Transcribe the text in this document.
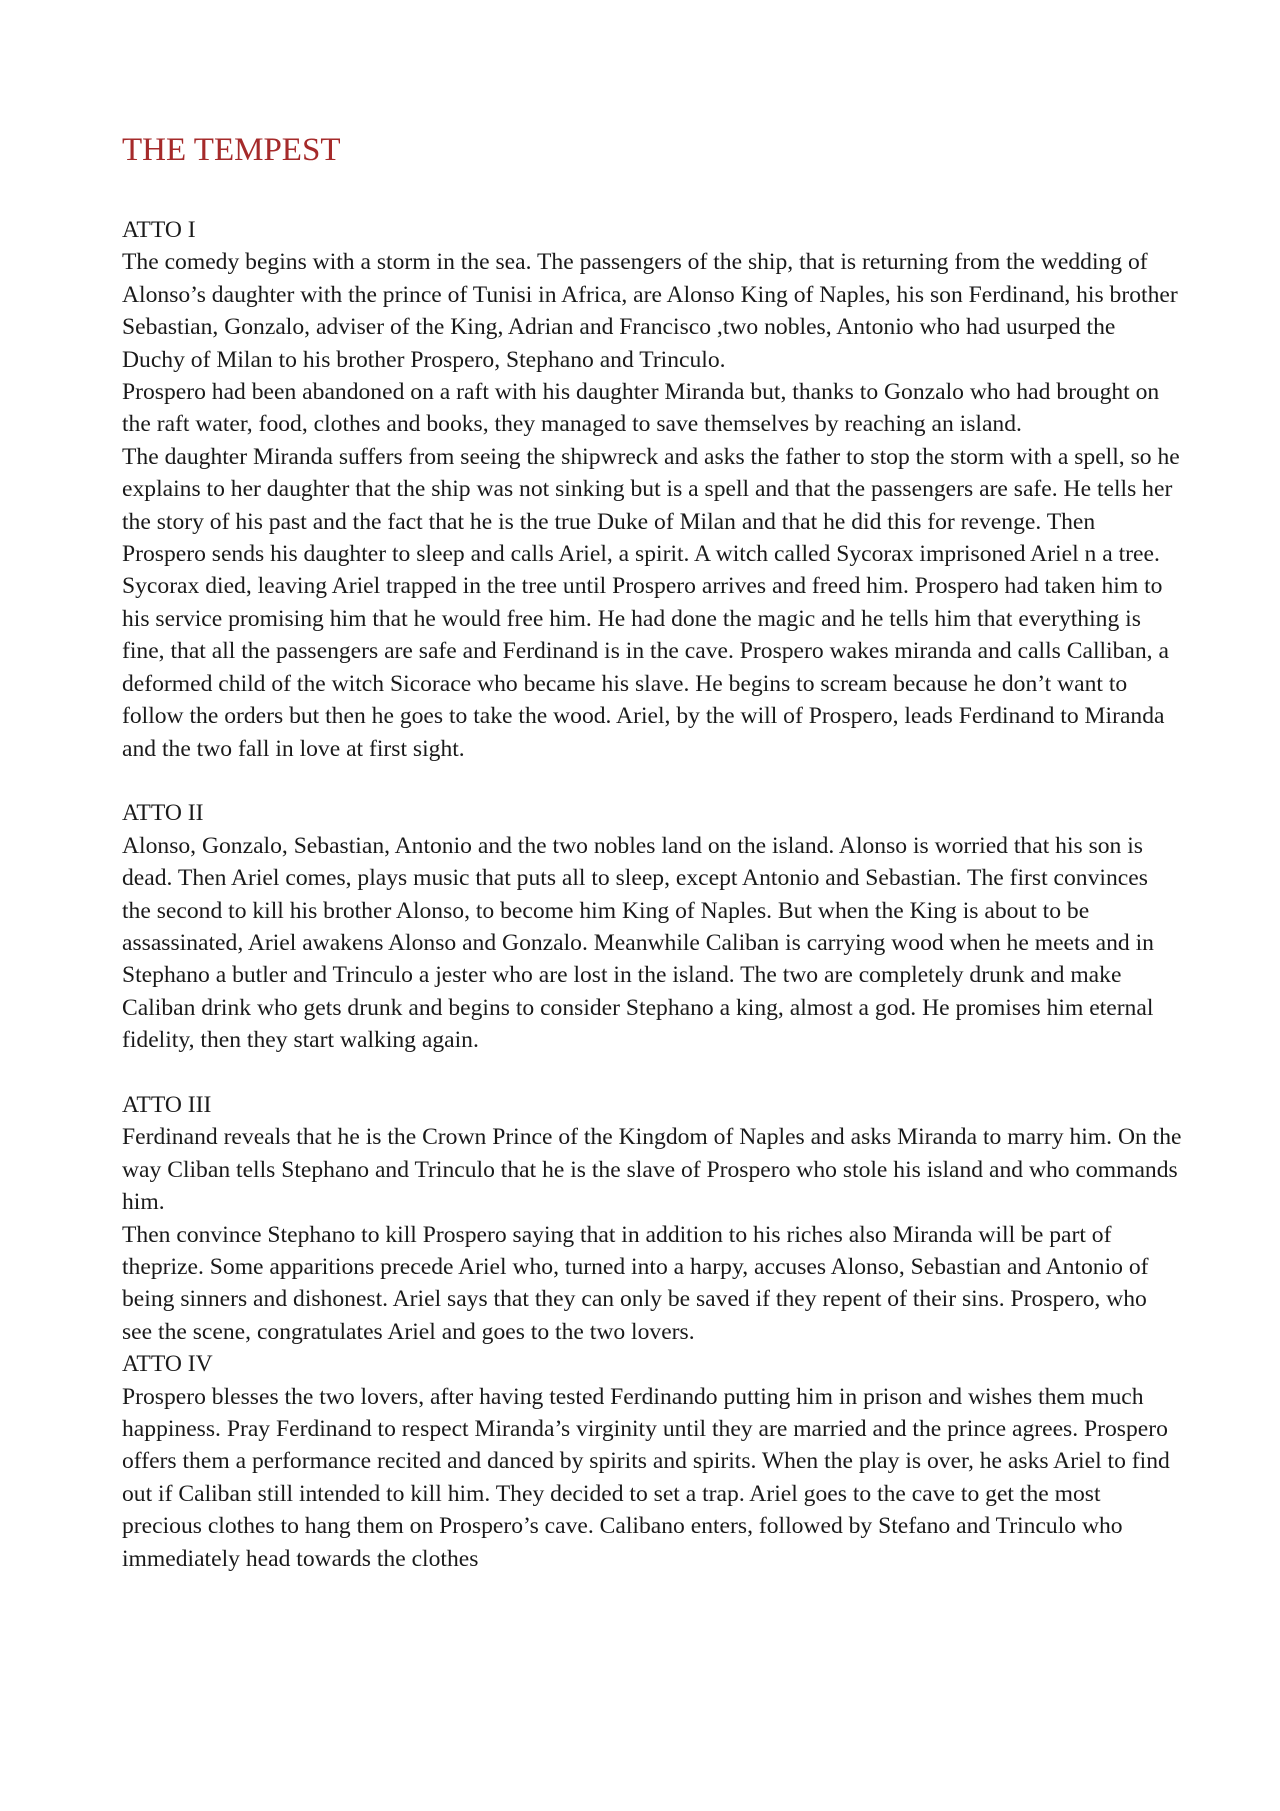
THE TEMPEST

ATTO I

The comedy begins with a storm in the sea. The passengers of the ship, that is returning from the wedding of Alonso’s daughter with the prince of Tunisi in Africa, are Alonso King of Naples, his son Ferdinand, his brother Sebastian, Gonzalo, adviser of the King, Adrian and Francisco ,two nobles, Antonio who had usurped the Duchy of Milan to his brother Prospero, Stephano and Trinculo.

Prospero had been abandoned on a raft with his daughter Miranda but, thanks to Gonzalo who had brought on the raft water, food, clothes and books, they managed to save themselves by reaching an island.

The daughter Miranda suffers from seeing the shipwreck and asks the father to stop the storm with a spell, so he explains to her daughter that the ship was not sinking but is a spell and that the passengers are safe. He tells her the story of his past and the fact that he is the true Duke of Milan and that he did this for revenge. Then Prospero sends his daughter to sleep and calls Ariel, a spirit. A witch called Sycorax imprisoned Ariel n a tree. Sycorax died, leaving Ariel trapped in the tree until Prospero arrives and freed him. Prospero had taken him to his service promising him that he would free him. He had done the magic and he tells him that everything is fine, that all the passengers are safe and Ferdinand is in the cave. Prospero wakes miranda and calls Calliban, a deformed child of the witch Sicorace who became his slave. He begins to scream because he don’t want to follow the orders but then he goes to take the wood. Ariel, by the will of Prospero, leads Ferdinand to Miranda and the two fall in love at first sight.

ATTO II

Alonso, Gonzalo, Sebastian, Antonio and the two nobles land on the island. Alonso is worried that his son is dead. Then Ariel comes, plays music that puts all to sleep, except Antonio and Sebastian. The first convinces the second to kill his brother Alonso, to become him King of Naples. But when the King is about to be assassinated, Ariel awakens Alonso and Gonzalo. Meanwhile Caliban is carrying wood when he meets and in Stephano a butler and Trinculo a jester who are lost in the island. The two are completely drunk and make Caliban drink who gets drunk and begins to consider Stephano a king, almost a god. He promises him eternal fidelity, then they start walking again.

ATTO III

Ferdinand reveals that he is the Crown Prince of the Kingdom of Naples and asks Miranda to marry him. On the way Cliban tells Stephano and Trinculo that he is the slave of Prospero who stole his island and who commands him.

Then convince Stephano to kill Prospero saying that in addition to his riches also Miranda will be part of theprize. Some apparitions precede Ariel who, turned into a harpy, accuses Alonso, Sebastian and Antonio of being sinners and dishonest. Ariel says that they can only be saved if they repent of their sins. Prospero, who see the scene, congratulates Ariel and goes to the two lovers.

ATTO IV

Prospero blesses the two lovers, after having tested Ferdinando putting him in prison and wishes them much happiness. Pray Ferdinand to respect Miranda’s virginity until they are married and the prince agrees. Prospero offers them a performance recited and danced by spirits and spirits. When the play is over, he asks Ariel to find out if Caliban still intended to kill him. They decided to set a trap. Ariel goes to the cave to get the most precious clothes to hang them on Prospero’s cave. Calibano enters, followed by Stefano and Trinculo who immediately head towards the clothes
